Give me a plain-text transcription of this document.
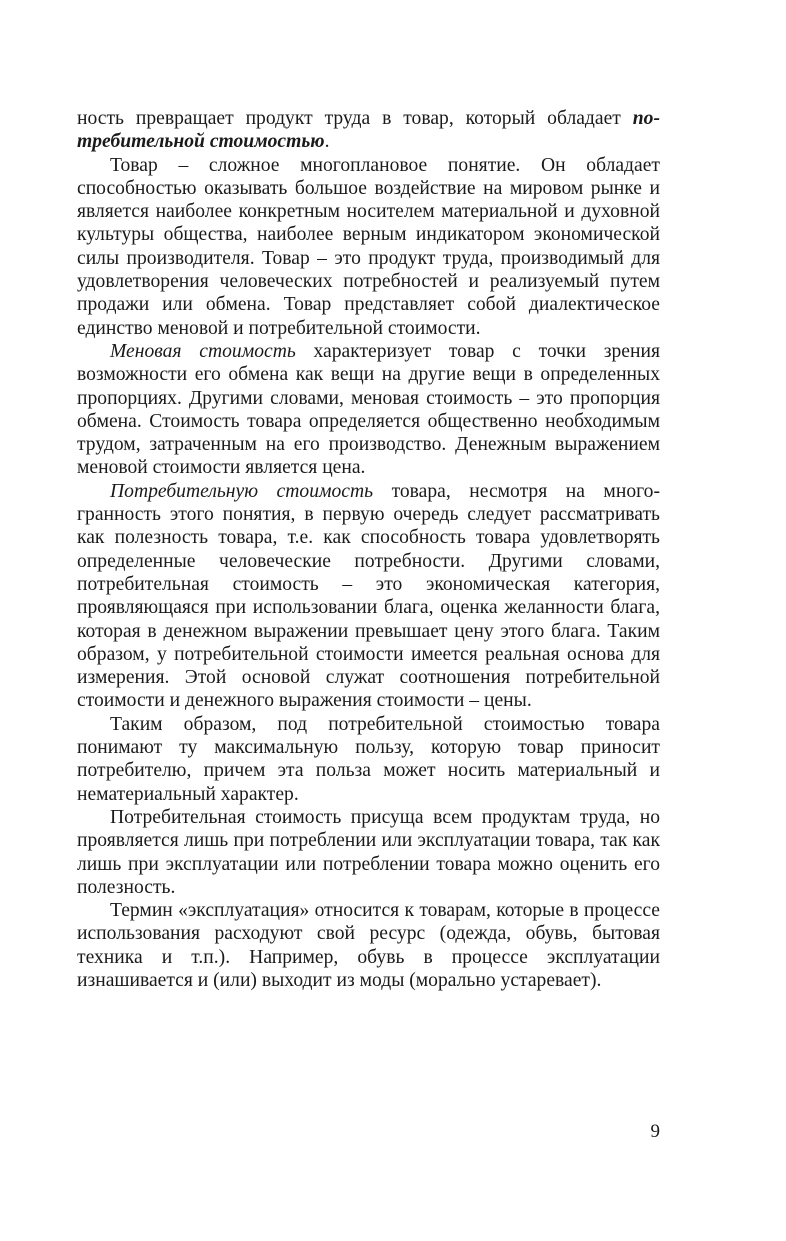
ность превращает продукт труда в товар, который обладает потребительной стоимостью.

Товар – сложное многоплановое понятие. Он обладает способностью оказывать большое воздействие на мировом рынке и является наиболее конкретным носителем материальной и духовной культуры общества, наиболее верным индикатором экономической силы производителя. Товар – это продукт труда, производимый для удовлетворения человеческих потребностей и реализуемый путем продажи или обмена. Товар представляет собой диалектическое единство меновой и потребительной стоимости.

Меновая стоимость характеризует товар с точки зрения возможности его обмена как вещи на другие вещи в определенных пропорциях. Другими словами, меновая стоимость – это пропорция обмена. Стоимость товара определяется общественно необходимым трудом, затраченным на его производство. Денежным выражением меновой стоимости является цена.

Потребительную стоимость товара, несмотря на многогранность этого понятия, в первую очередь следует рассматривать как полезность товара, т.е. как способность товара удовлетворять определенные человеческие потребности. Другими словами, потребительная стоимость – это экономическая категория, проявляющаяся при использовании блага, оценка желанности блага, которая в денежном выражении превышает цену этого блага. Таким образом, у потребительной стоимости имеется реальная основа для измерения. Этой основой служат соотношения потребительной стоимости и денежного выражения стоимости – цены.

Таким образом, под потребительной стоимостью товара понимают ту максимальную пользу, которую товар приносит потребителю, причем эта польза может носить материальный и нематериальный характер.

Потребительная стоимость присуща всем продуктам труда, но проявляется лишь при потреблении или эксплуатации товара, так как лишь при эксплуатации или потреблении товара можно оценить его полезность.

Термин «эксплуатация» относится к товарам, которые в процессе использования расходуют свой ресурс (одежда, обувь, бытовая техника и т.п.). Например, обувь в процессе эксплуатации изнашивается и (или) выходит из моды (морально устаревает).

9
